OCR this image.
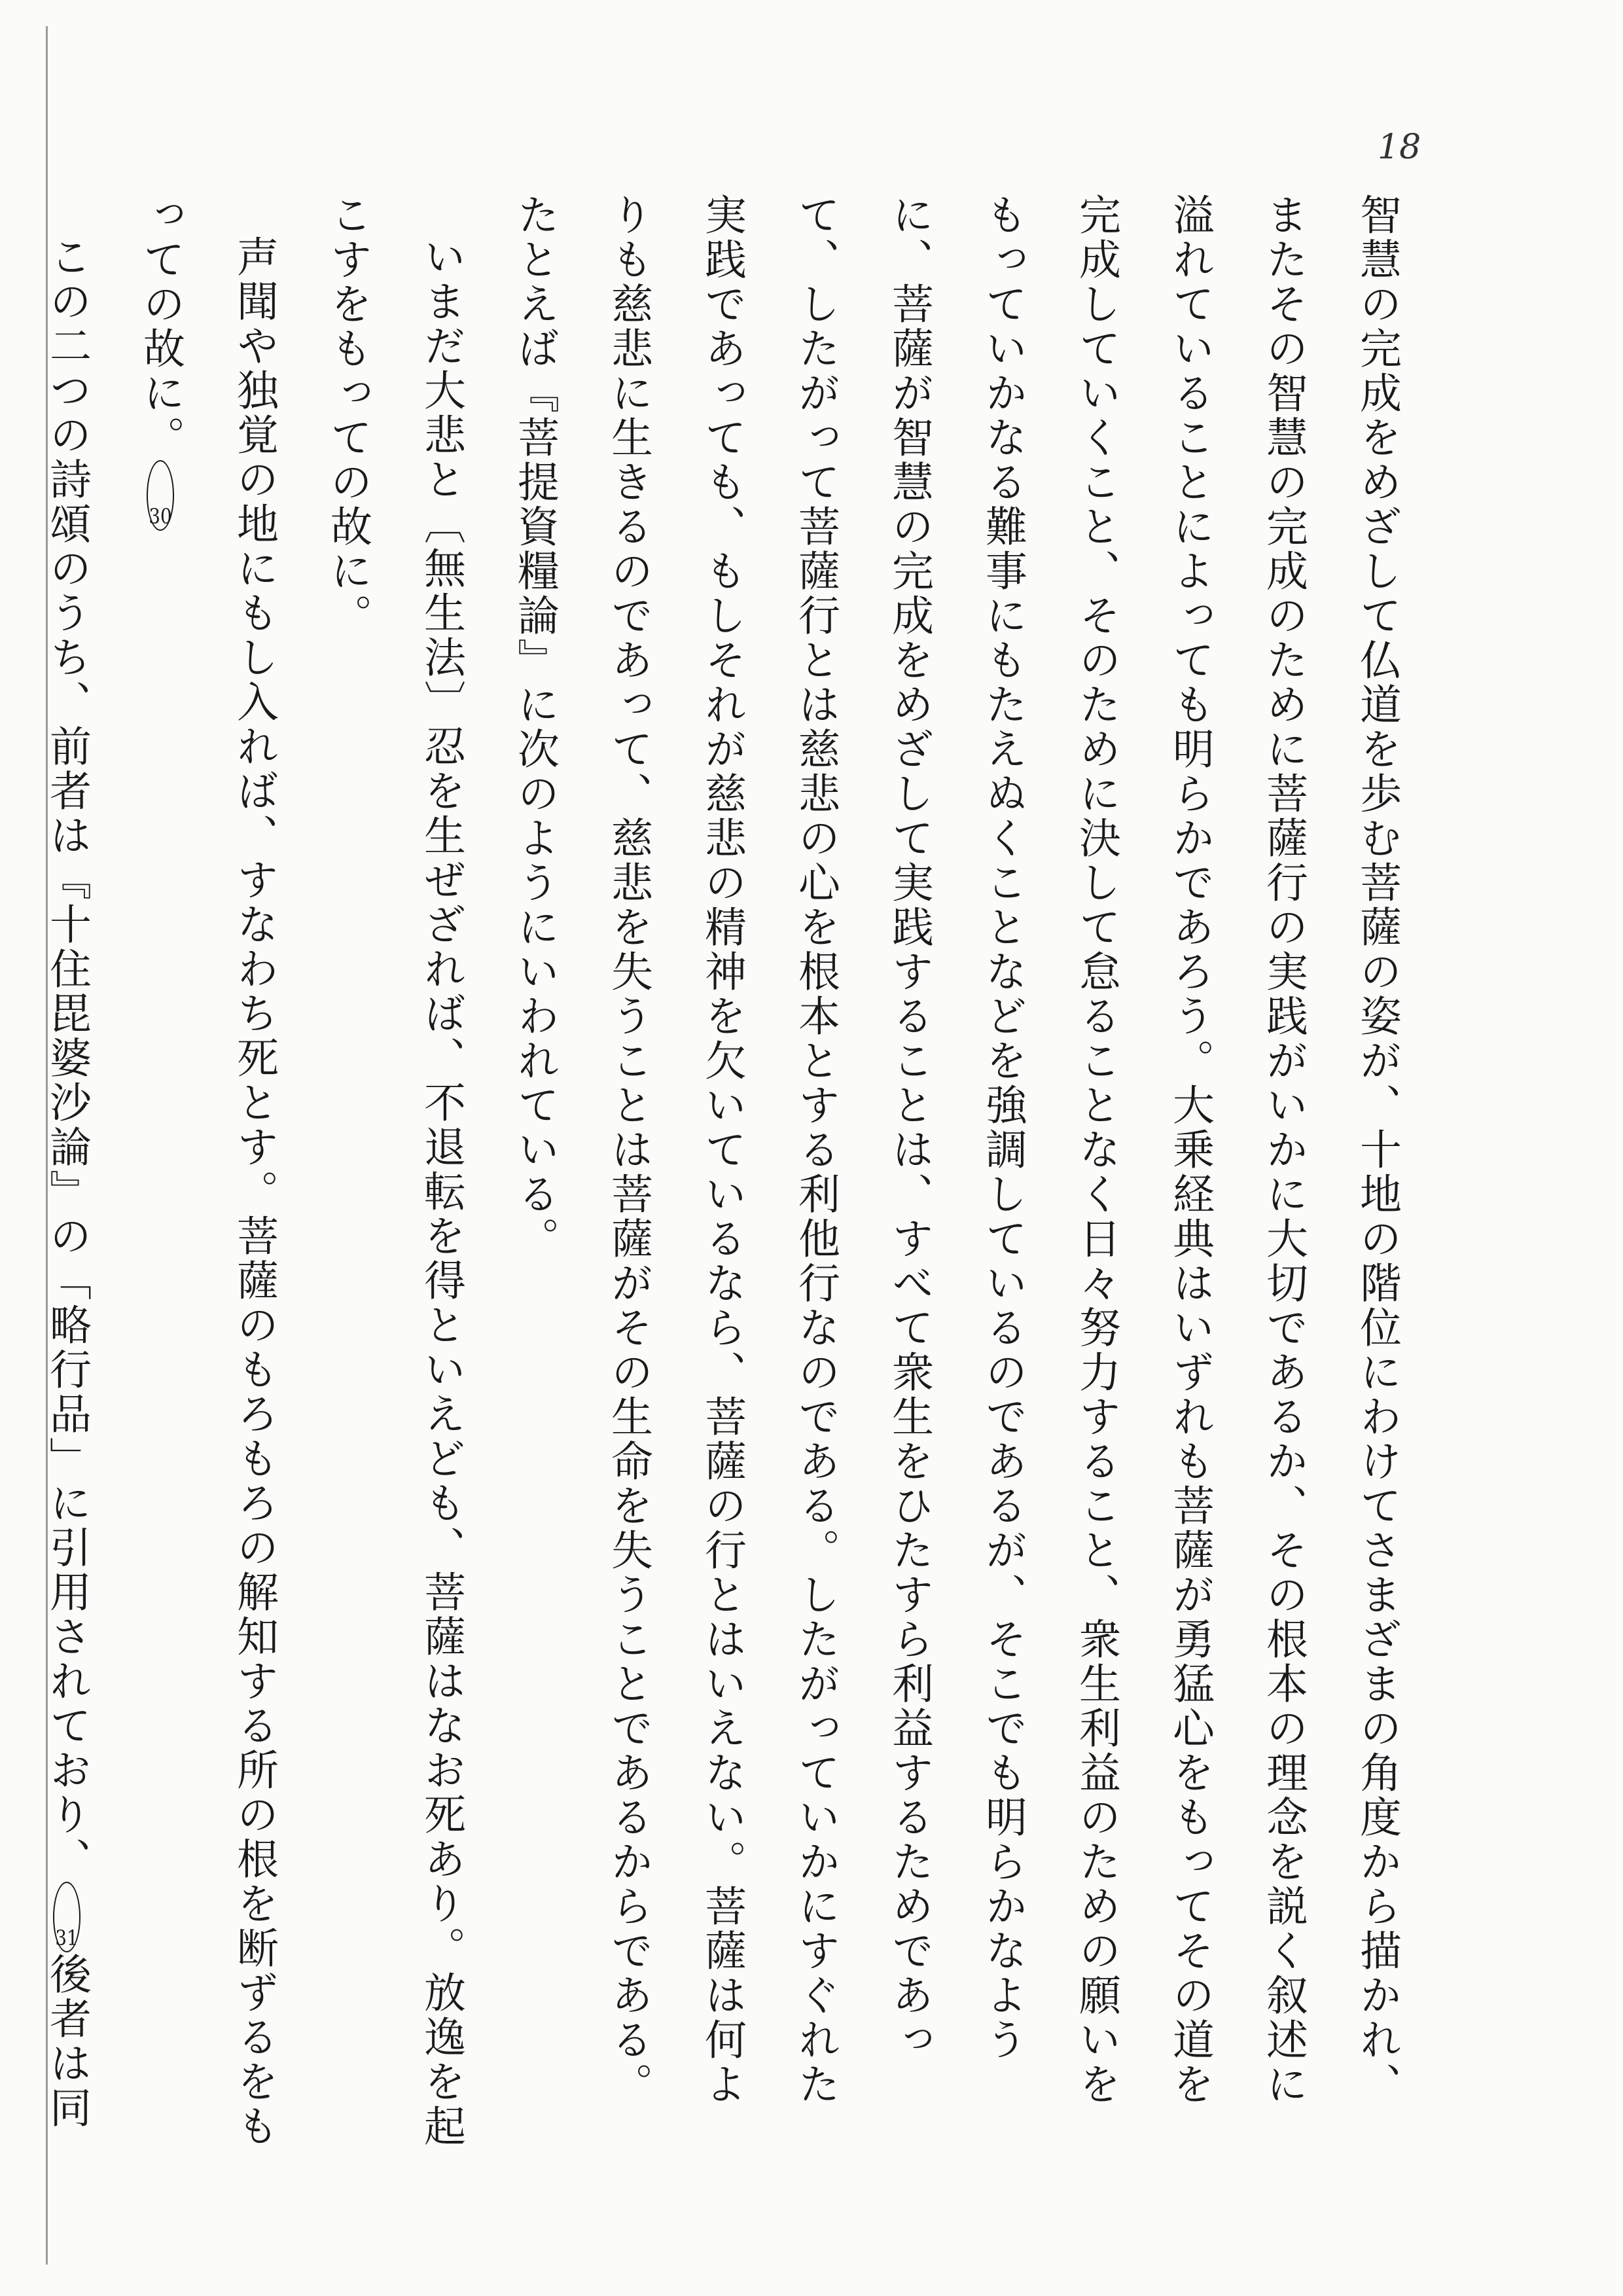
18

智慧の完成をめざして仏道を歩む菩薩の姿が、十地の階位にわけてさまざまの角度から描かれ、またその智慧の完成のために菩薩行の実践がいかに大切であるか、その根本の理念を説く叙述に溢れていることによっても明らかであろう。大乗経典はいずれも菩薩が勇猛心をもってその道を完成していくこと、そのために決して怠ることなく日々努力すること、衆生利益のための願いをもっていかなる難事にもたえぬくことなどを強調しているのであるが、そこでも明らかなように、菩薩が智慧の完成をめざして実践することは、すべて衆生をひたすら利益するためであって、したがって菩薩行とは慈悲の心を根本とする利他行なのである。したがっていかにすぐれた実践であっても、もしそれが慈悲の精神を欠いているなら、菩薩の行とはいえない。菩薩は何よりも慈悲に生きるのであって、慈悲を失うことは菩薩がその生命を失うことであるからである。たとえば『菩提資糧論』に次のようにいわれている。

いまだ大悲と〔無生法〕忍を生ぜざれば、不退転を得といえども、菩薩はなお死あり。放逸を起こすをもっての故に。

声聞や独覚の地にもし入れば、すなわち死とす。菩薩のもろもろの解知する所の根を断ずるをもっての故に。30

この二つの詩頌のうち、前者は『十住毘婆沙論』の「略行品」に引用されており、31後者は同
